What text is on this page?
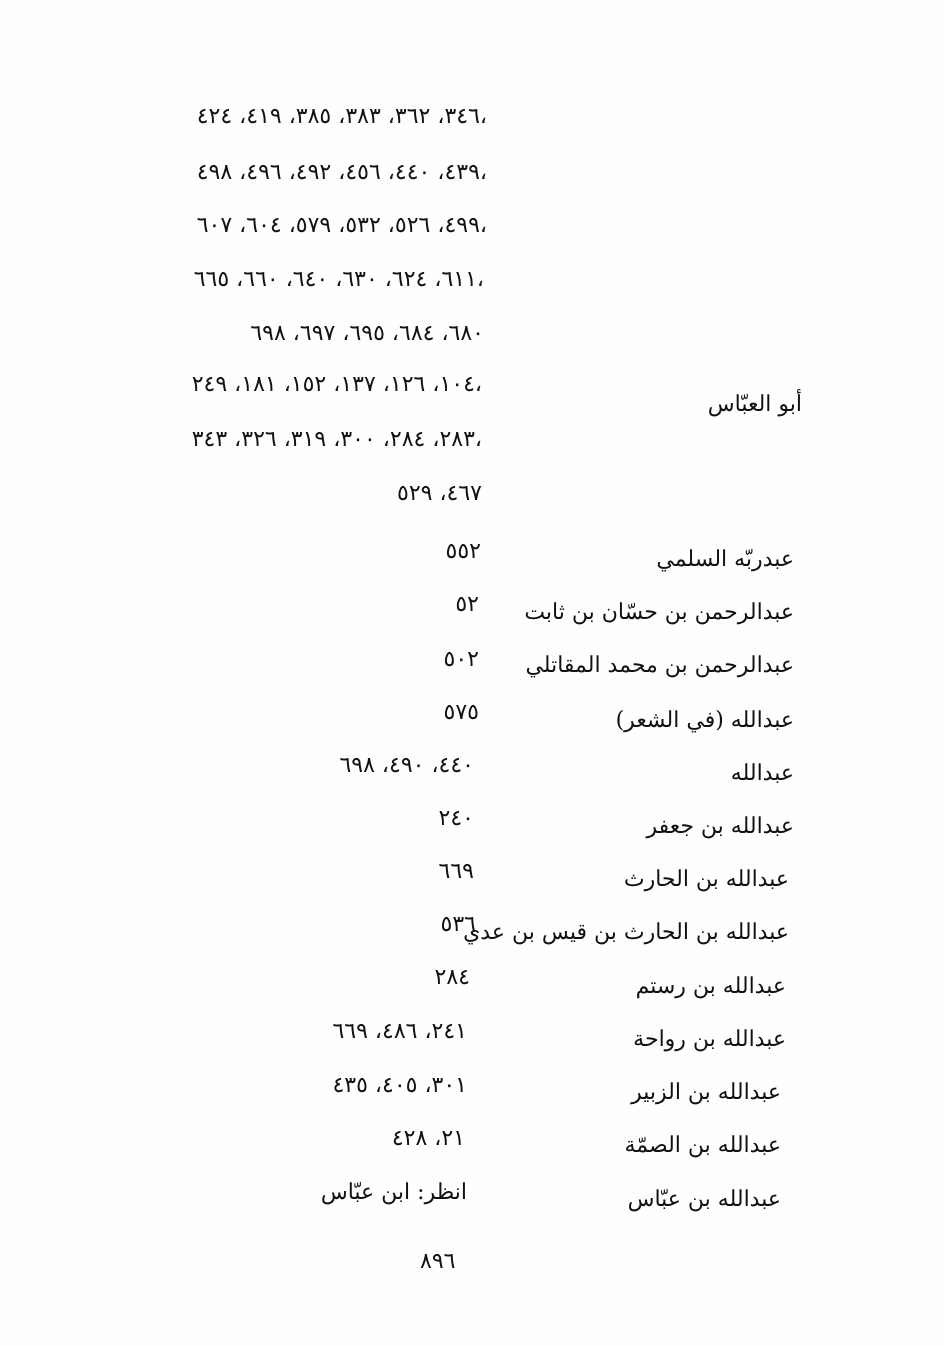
٣٤٦، ٣٦٢، ٣٨٣، ٣٨٥، ٤١٩، ٤٢٤،
٤٣٩، ٤٤٠، ٤٥٦، ٤٩٢، ٤٩٦، ٤٩٨،
٤٩٩، ٥٢٦، ٥٣٢، ٥٧٩، ٦٠٤، ٦٠٧،
٦١١، ٦٢٤، ٦٣٠، ٦٤٠، ٦٦٠، ٦٦٥،
٦٨٠، ٦٨٤، ٦٩٥، ٦٩٧، ٦٩٨
أبو العبّاس
١٠٤، ١٢٦، ١٣٧، ١٥٢، ١٨١، ٢٤٩،
٢٨٣، ٢٨٤، ٣٠٠، ٣١٩، ٣٢٦، ٣٤٣،
٤٦٧، ٥٢٩
عبدربّه السلمي
٥٥٢
عبدالرحمن بن حسّان بن ثابت
٥٢
عبدالرحمن بن محمد المقاتلي
٥٠٢
عبدالله (في الشعر)
٥٧٥
عبدالله
٤٤٠، ٤٩٠، ٦٩٨
عبدالله بن جعفر
٢٤٠
عبدالله بن الحارث
٦٦٩
عبدالله بن الحارث بن قيس بن عدي
٥٣٦
عبدالله بن رستم
٢٨٤
عبدالله بن رواحة
٢٤١، ٤٨٦، ٦٦٩
عبدالله بن الزبير
٣٠١، ٤٠٥، ٤٣٥
عبدالله بن الصمّة
٢١، ٤٢٨
عبدالله بن عبّاس
انظر: ابن عبّاس
٨٩٦
